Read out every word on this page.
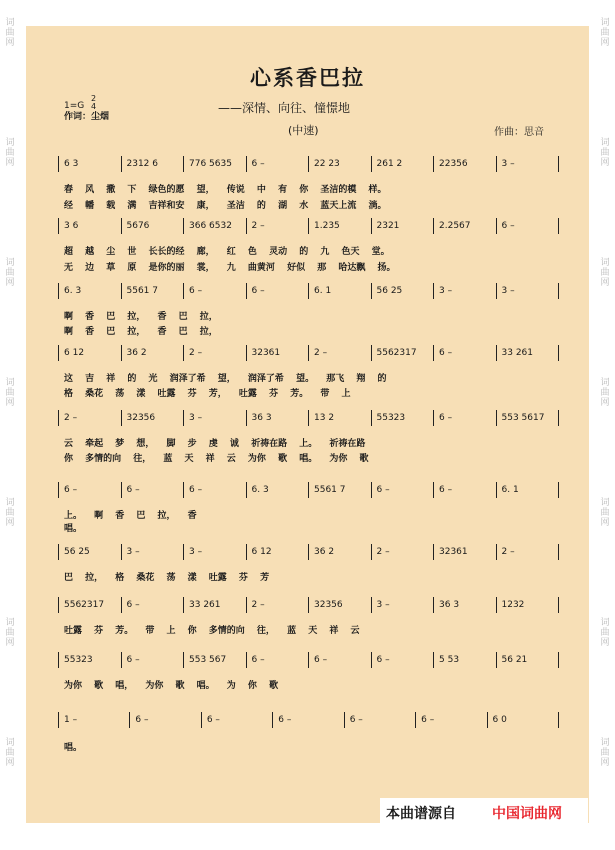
词曲网
词曲网
词曲网
词曲网
词曲网
词曲网
词曲网
词曲网
词曲网
词曲网
词曲网
词曲网
词曲网
词曲网
心系香巴拉
1=G
2
4	——深情、向往、憧憬地
(中速)
作词：尘烟
作曲：思音
6 3	2312 6	776 5635	6 –	22 23	261 2	22356	3 –
春 风 撒 下 绿色的愿 望， 传说 中 有 你 圣洁的模 样。
经 幡 载 满 吉祥和安 康， 圣洁 的 湖 水 蓝天上流 淌。
3 6	5676	366 6532	2 –	1.235	2321	2.2567	6 –
超 越 尘 世 长长的经 廊， 红 色 灵动 的 九 色天 堂。
无 边 草 原 是你的丽 裳， 九 曲黄河 好似 那 哈达飘 扬。
6. 3	5561 7	6 –	6 –	6. 1	56 25	3 –	3 –
啊 香 巴 拉， 香 巴 拉，
啊 香 巴 拉， 香 巴 拉，
6 12	36 2	2 –	32361	2 –	5562317	6 –	33 261
这 吉 祥 的 光 润泽了希 望， 润泽了希 望。 那飞 翔 的
格 桑花 荡 漾 吐露 芬 芳， 吐露 芬 芳。 带 上
2 –	32356	3 –	36 3	13 2	55323	6 –	553 5617
云 牵起 梦 想， 脚 步 虔 诚 祈祷在路 上。 祈祷在路
你 多情的向 往， 蓝 天 祥 云 为你 歌 唱。 为你 歌
6 –	6 –	6 –	6. 3	5561 7	6 –	6 –	6. 1
上。 啊 香 巴 拉， 香
唱。
56 25	3 –	3 –	6 12	36 2	2 –	32361	2 –
巴 拉， 格 桑花 荡 漾 吐露 芬 芳
5562317	6 –	33 261	2 –	32356	3 –	36 3	1232
吐露 芬 芳。 带 上 你 多情的向 往， 蓝 天 祥 云
55323	6 –	553 567	6 –	6 –	6 –	5 53	56 21
为你 歌 唱， 为你 歌 唱。 为 你 歌
1 –	6 –	6 –	6 –	6 –	6 –	6 0
唱。
本曲谱源自	中国词曲网
